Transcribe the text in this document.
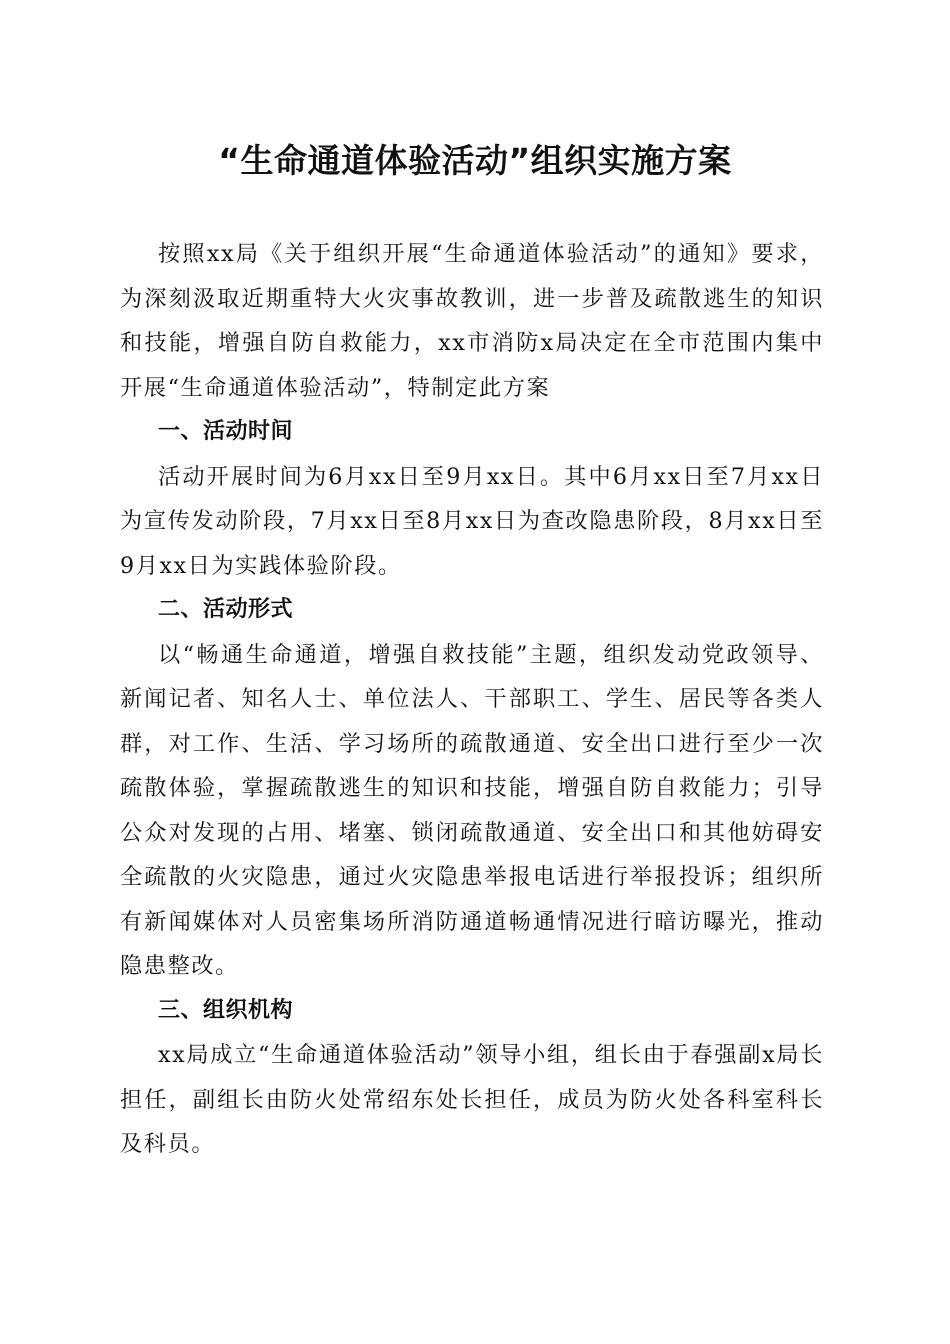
“生命通道体验活动”组织实施方案

按照xx局《关于组织开展“生命通道体验活动”的通知》要求，为深刻汲取近期重特大火灾事故教训，进一步普及疏散逃生的知识和技能，增强自防自救能力，xx市消防x局决定在全市范围内集中开展“生命通道体验活动”，特制定此方案

一、活动时间

活动开展时间为6月xx日至9月xx日。其中6月xx日至7月xx日为宣传发动阶段，7月xx日至8月xx日为查改隐患阶段，8月xx日至9月xx日为实践体验阶段。

二、活动形式

以“畅通生命通道，增强自救技能”主题，组织发动党政领导、新闻记者、知名人士、单位法人、干部职工、学生、居民等各类人群，对工作、生活、学习场所的疏散通道、安全出口进行至少一次疏散体验，掌握疏散逃生的知识和技能，增强自防自救能力；引导公众对发现的占用、堵塞、锁闭疏散通道、安全出口和其他妨碍安全疏散的火灾隐患，通过火灾隐患举报电话进行举报投诉；组织所有新闻媒体对人员密集场所消防通道畅通情况进行暗访曝光，推动隐患整改。

三、组织机构

xx局成立“生命通道体验活动”领导小组，组长由于春强副x局长担任，副组长由防火处常绍东处长担任，成员为防火处各科室科长及科员。
